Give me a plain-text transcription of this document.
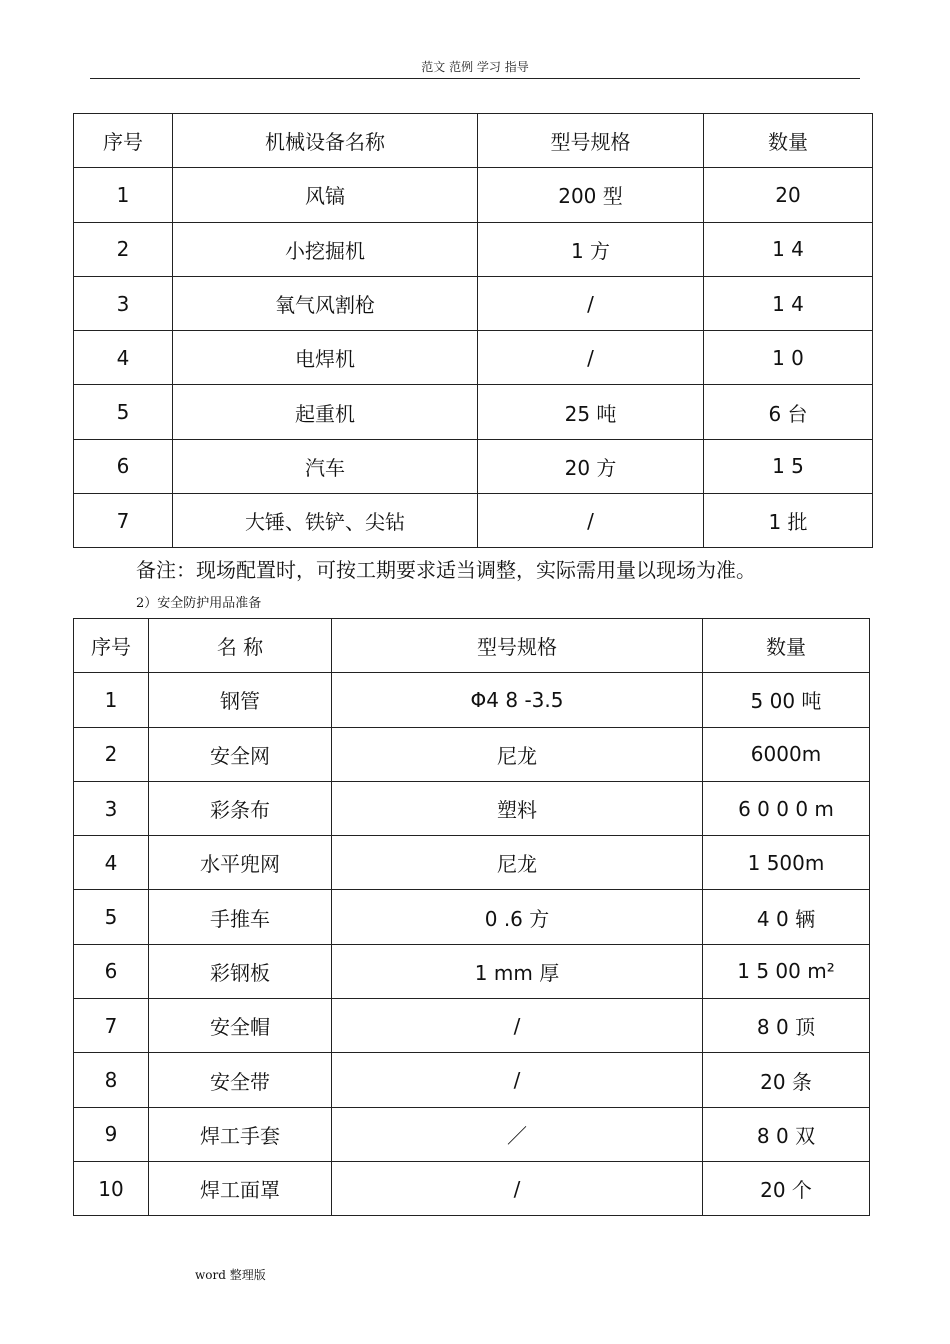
范文 范例 学习 指导
序号	机械设备名称	型号规格	数量
1	风镐	200 型	20
2	小挖掘机	1 方	1 4
3	氧气风割枪	/	1 4
4	电焊机	/	1 0
5	起重机	25 吨	6 台
6	汽车	20 方	1 5
7	大锤、铁铲、尖钻	/	1 批
备注：现场配置时，可按工期要求适当调整，实际需用量以现场为准。
2）安全防护用品准备
序号	名 称	型号规格	数量
1	钢管	Φ4 8 -3.5	5 00 吨
2	安全网	尼龙	6000m
3	彩条布	塑料	6 0 0 0 m
4	水平兜网	尼龙	1 500m
5	手推车	0 .6 方	4 0 辆
6	彩钢板	1 mm 厚	1 5 00 m²
7	安全帽	/	8 0 顶
8	安全带	/	20 条
9	焊工手套	／	8 0 双
10	焊工面罩	/	20 个
word 整理版
